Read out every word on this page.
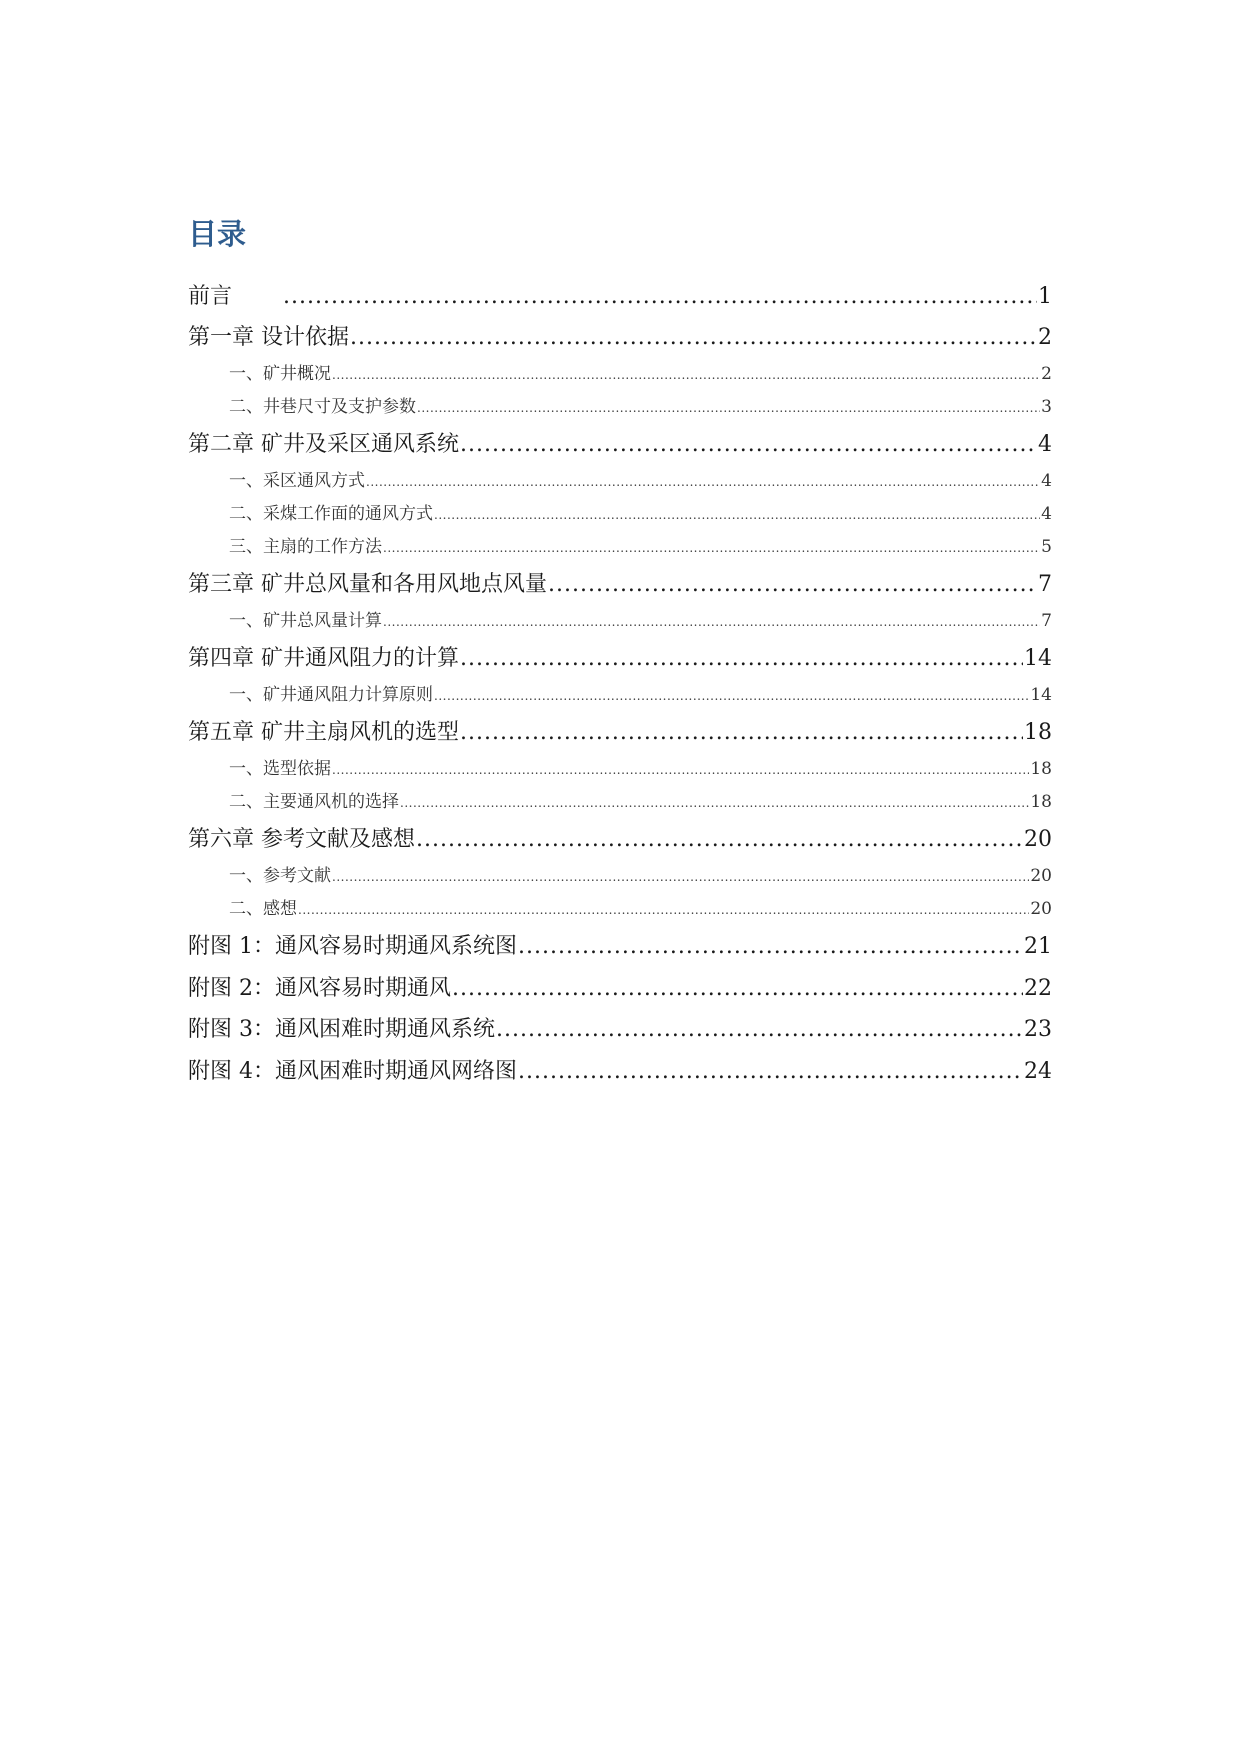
目录
前言 .....	1
第一章 设计依据 .....	2
一、矿井概况 .....	2
二、井巷尺寸及支护参数 .....	3
第二章 矿井及采区通风系统 .....	4
一、采区通风方式 .....	4
二、采煤工作面的通风方式 .....	4
三、主扇的工作方法 .....	5
第三章 矿井总风量和各用风地点风量 .....	7
一、矿井总风量计算 .....	7
第四章 矿井通风阻力的计算 .....	14
一、矿井通风阻力计算原则 .....	14
第五章 矿井主扇风机的选型 .....	18
一、选型依据 .....	18
二、主要通风机的选择 .....	18
第六章 参考文献及感想 .....	20
一、参考文献 .....	20
二、感想 .....	20
附图 1：通风容易时期通风系统图 .....	21
附图 2：通风容易时期通风 .....	22
附图 3：通风困难时期通风系统 .....	23
附图 4：通风困难时期通风网络图 .....	24
